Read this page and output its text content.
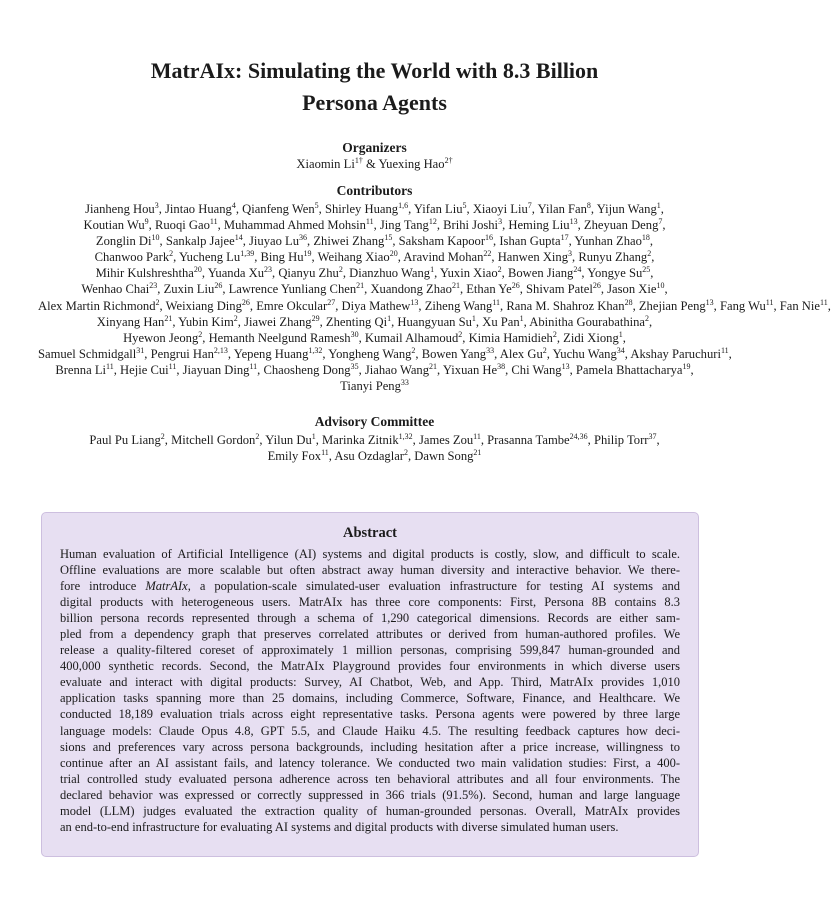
MatrAIx: Simulating the World with 8.3 Billion
Persona Agents
Organizers
Xiaomin $Li^{1\dagger}$ & Yuexing Hao$^{2\dagger}$
Contributors
Jianheng Hou$^3$, Jintao Huang$^4$, Qianfeng Wen$^5$, Shirley Huang$^{1,6}$, Yifan Liu$^5$, Xiaoyi Liu$^7$, Yilan Fan$^8$, Yijun Wang$^1$,
Koutian Wu$^9$, Ruoqi Gao$^{11}$, Muhammad Ahmed Mohsin$^{11}$, Jing Tang$^{12}$, Brihi Joshi$^3$, Heming Liu$^{13}$, Zheyuan Deng$^7$,
Zonglin Di$^{10}$, Sankalp Jajee$^{14}$, Jiuyao Lu$^{36}$, Zhiwei Zhang$^{15}$, Saksham Kapoor$^{16}$, Ishan Gupta$^{17}$, Yunhan Zhao$^{18}$,
Chanwoo Park$^2$, Yucheng Lu$^{1,39}$, Bing Hu$^{19}$, Weihang Xiao$^{20}$, Aravind Mohan$^{22}$, Hanwen Xing$^3$, Runyu Zhang$^2$,
Mihir Kulshreshtha$^{20}$, Yuanda Xu$^{23}$, Qianyu Zhu$^2$, Dianzhuo Wang$^1$, Yuxin Xiao$^2$, Bowen Jiang$^{24}$, Yongye Su$^{25}$,
Wenhao Chai$^{23}$, Zuxin Liu$^{26}$, Lawrence Yunliang Chen$^{21}$, Xuandong Zhao$^{21}$, Ethan Ye$^{26}$, Shivam Patel$^{26}$, Jason Xie$^{10}$,
Alex Martin Richmond$^2$, Weixiang Ding$^{26}$, Emre Okcular$^{27}$, Diya Mathew$^{13}$, Ziheng Wang$^{11}$, Rana M. Shahroz Khan$^{28}$, Zhejian Peng$^{13}$, Fang Wu$^{11}$, Fan Nie$^{11}$,
Xinyang Han$^{21}$, Yubin Kim$^2$, Jiawei Zhang$^{29}$, Zhenting Qi$^1$, Huangyuan Su$^1$, Xu Pan$^1$, Abinitha Gourabathina$^2$,
Hyewon Jeong$^2$, Hemanth Neelgund Ramesh$^{30}$, Kumail Alhamoud$^2$, Kimia Hamidieh$^2$, Zidi Xiong$^1$,
Samuel Schmidgall$^{31}$, Pengrui Han$^{2,13}$, Yepeng Huang$^{1,32}$, Yongheng Wang$^2$, Bowen Yang$^{33}$, Alex Gu$^2$, Yuchu Wang$^{34}$, Akshay Paruchuri$^{11}$,
Brenna Li$^{11}$, Hejie Cui$^{11}$, Jiayuan Ding$^{11}$, Chaosheng Dong$^{35}$, Jiahao Wang$^{21}$, Yixuan He$^{38}$, Chi Wang$^{13}$, Pamela Bhattacharya$^{19}$,
Tianyi Peng$^{33}$
Advisory Committee
Paul Pu Liang$^2$, Mitchell Gordon$^2$, Yilun Du$^1$, Marinka Zitnik$^{1,32}$, James Zou$^{11}$, Prasanna Tambe$^{24,36}$, Philip Torr$^{37}$,
Emily Fox$^{11}$, Asu Ozdaglar$^2$, Dawn Song$^{21}$
Abstract
Human evaluation of Artificial Intelligence (AI) systems and digital products is costly, slow, and difficult to scale.
Offline evaluations are more scalable but often abstract away human diversity and interactive behavior. We there-
fore introduce MatrAIx, a population-scale simulated-user evaluation infrastructure for testing AI systems and
digital products with heterogeneous users. MatrAIx has three core components: First, Persona 8B contains 8.3
billion persona records represented through a schema of 1,290 categorical dimensions. Records are either sam-
pled from a dependency graph that preserves correlated attributes or derived from human-authored profiles. We
release a quality-filtered coreset of approximately 1 million personas, comprising 599,847 human-grounded and
400,000 synthetic records. Second, the MatrAIx Playground provides four environments in which diverse users
evaluate and interact with digital products: Survey, AI Chatbot, Web, and App. Third, MatrAIx provides 1,010
application tasks spanning more than 25 domains, including Commerce, Software, Finance, and Healthcare. We
conducted 18,189 evaluation trials across eight representative tasks. Persona agents were powered by three large
language models: Claude Opus 4.8, GPT 5.5, and Claude Haiku 4.5. The resulting feedback captures how deci-
sions and preferences vary across persona backgrounds, including hesitation after a price increase, willingness to
continue after an AI assistant fails, and latency tolerance. We conducted two main validation studies: First, a 400-
trial controlled study evaluated persona adherence across ten behavioral attributes and all four environments. The
declared behavior was expressed or correctly suppressed in 366 trials (91.5%). Second, human and large language
model (LLM) judges evaluated the extraction quality of human-grounded personas. Overall, MatrAIx provides
an end-to-end infrastructure for evaluating AI systems and digital products with diverse simulated human users.
